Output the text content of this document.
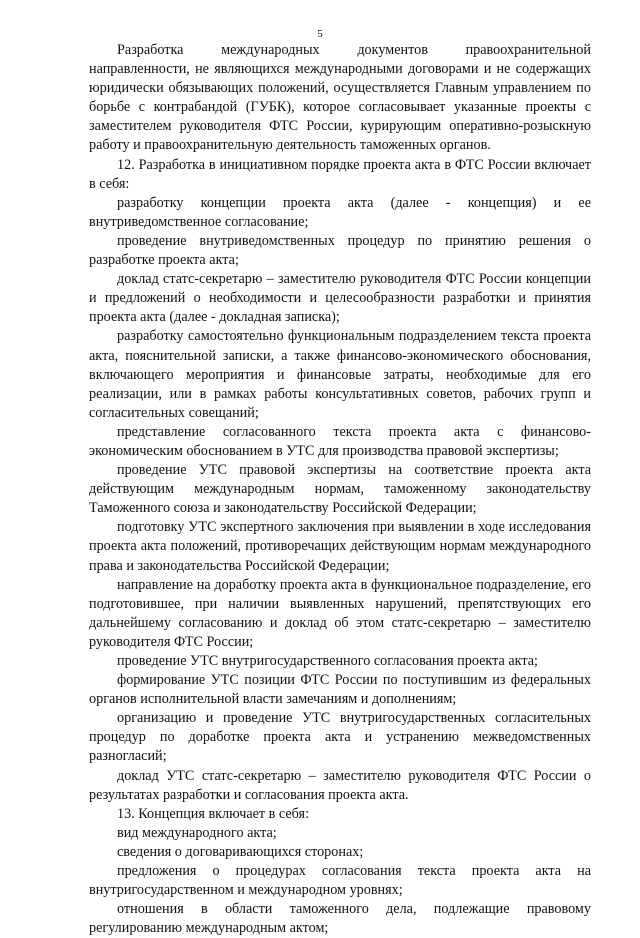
5

Разработка международных документов правоохранительной направленности, не являющихся международными договорами и не содержащих юридически обязывающих положений, осуществляется Главным управлением по борьбе с контрабандой (ГУБК), которое согласовывает указанные проекты с заместителем руководителя ФТС России, курирующим оперативно-розыскную работу и правоохранительную деятельность таможенных органов.

12. Разработка в инициативном порядке проекта акта в ФТС России включает в себя:

разработку концепции проекта акта (далее - концепция) и ее внутриведомственное согласование;

проведение внутриведомственных процедур по принятию решения о разработке проекта акта;

доклад статс-секретарю – заместителю руководителя ФТС России концепции и предложений о необходимости и целесообразности разработки и принятия проекта акта (далее - докладная записка);

разработку самостоятельно функциональным подразделением текста проекта акта, пояснительной записки, а также финансово-экономического обоснования, включающего мероприятия и финансовые затраты, необходимые для его реализации, или в рамках работы консультативных советов, рабочих групп и согласительных совещаний;

представление согласованного текста проекта акта с финансово-экономическим обоснованием в УТС для производства правовой экспертизы;

проведение УТС правовой экспертизы на соответствие проекта акта действующим международным нормам, таможенному законодательству Таможенного союза и законодательству Российской Федерации;

подготовку УТС экспертного заключения при выявлении в ходе исследования проекта акта положений, противоречащих действующим нормам международного права и законодательства Российской Федерации;

направление на доработку проекта акта в функциональное подразделение, его подготовившее, при наличии выявленных нарушений, препятствующих его дальнейшему согласованию и доклад об этом статс-секретарю – заместителю руководителя ФТС России;

проведение УТС внутригосударственного согласования проекта акта;

формирование УТС позиции ФТС России по поступившим из федеральных органов исполнительной власти замечаниям и дополнениям;

организацию и проведение УТС внутригосударственных согласительных процедур по доработке проекта акта и устранению межведомственных разногласий;

доклад УТС статс-секретарю – заместителю руководителя ФТС России о результатах разработки и согласования проекта акта.

13. Концепция включает в себя:

вид международного акта;

сведения о договаривающихся сторонах;

предложения о процедурах согласования текста проекта акта на внутригосударственном и международном уровнях;

отношения в области таможенного дела, подлежащие правовому регулированию международным актом;
